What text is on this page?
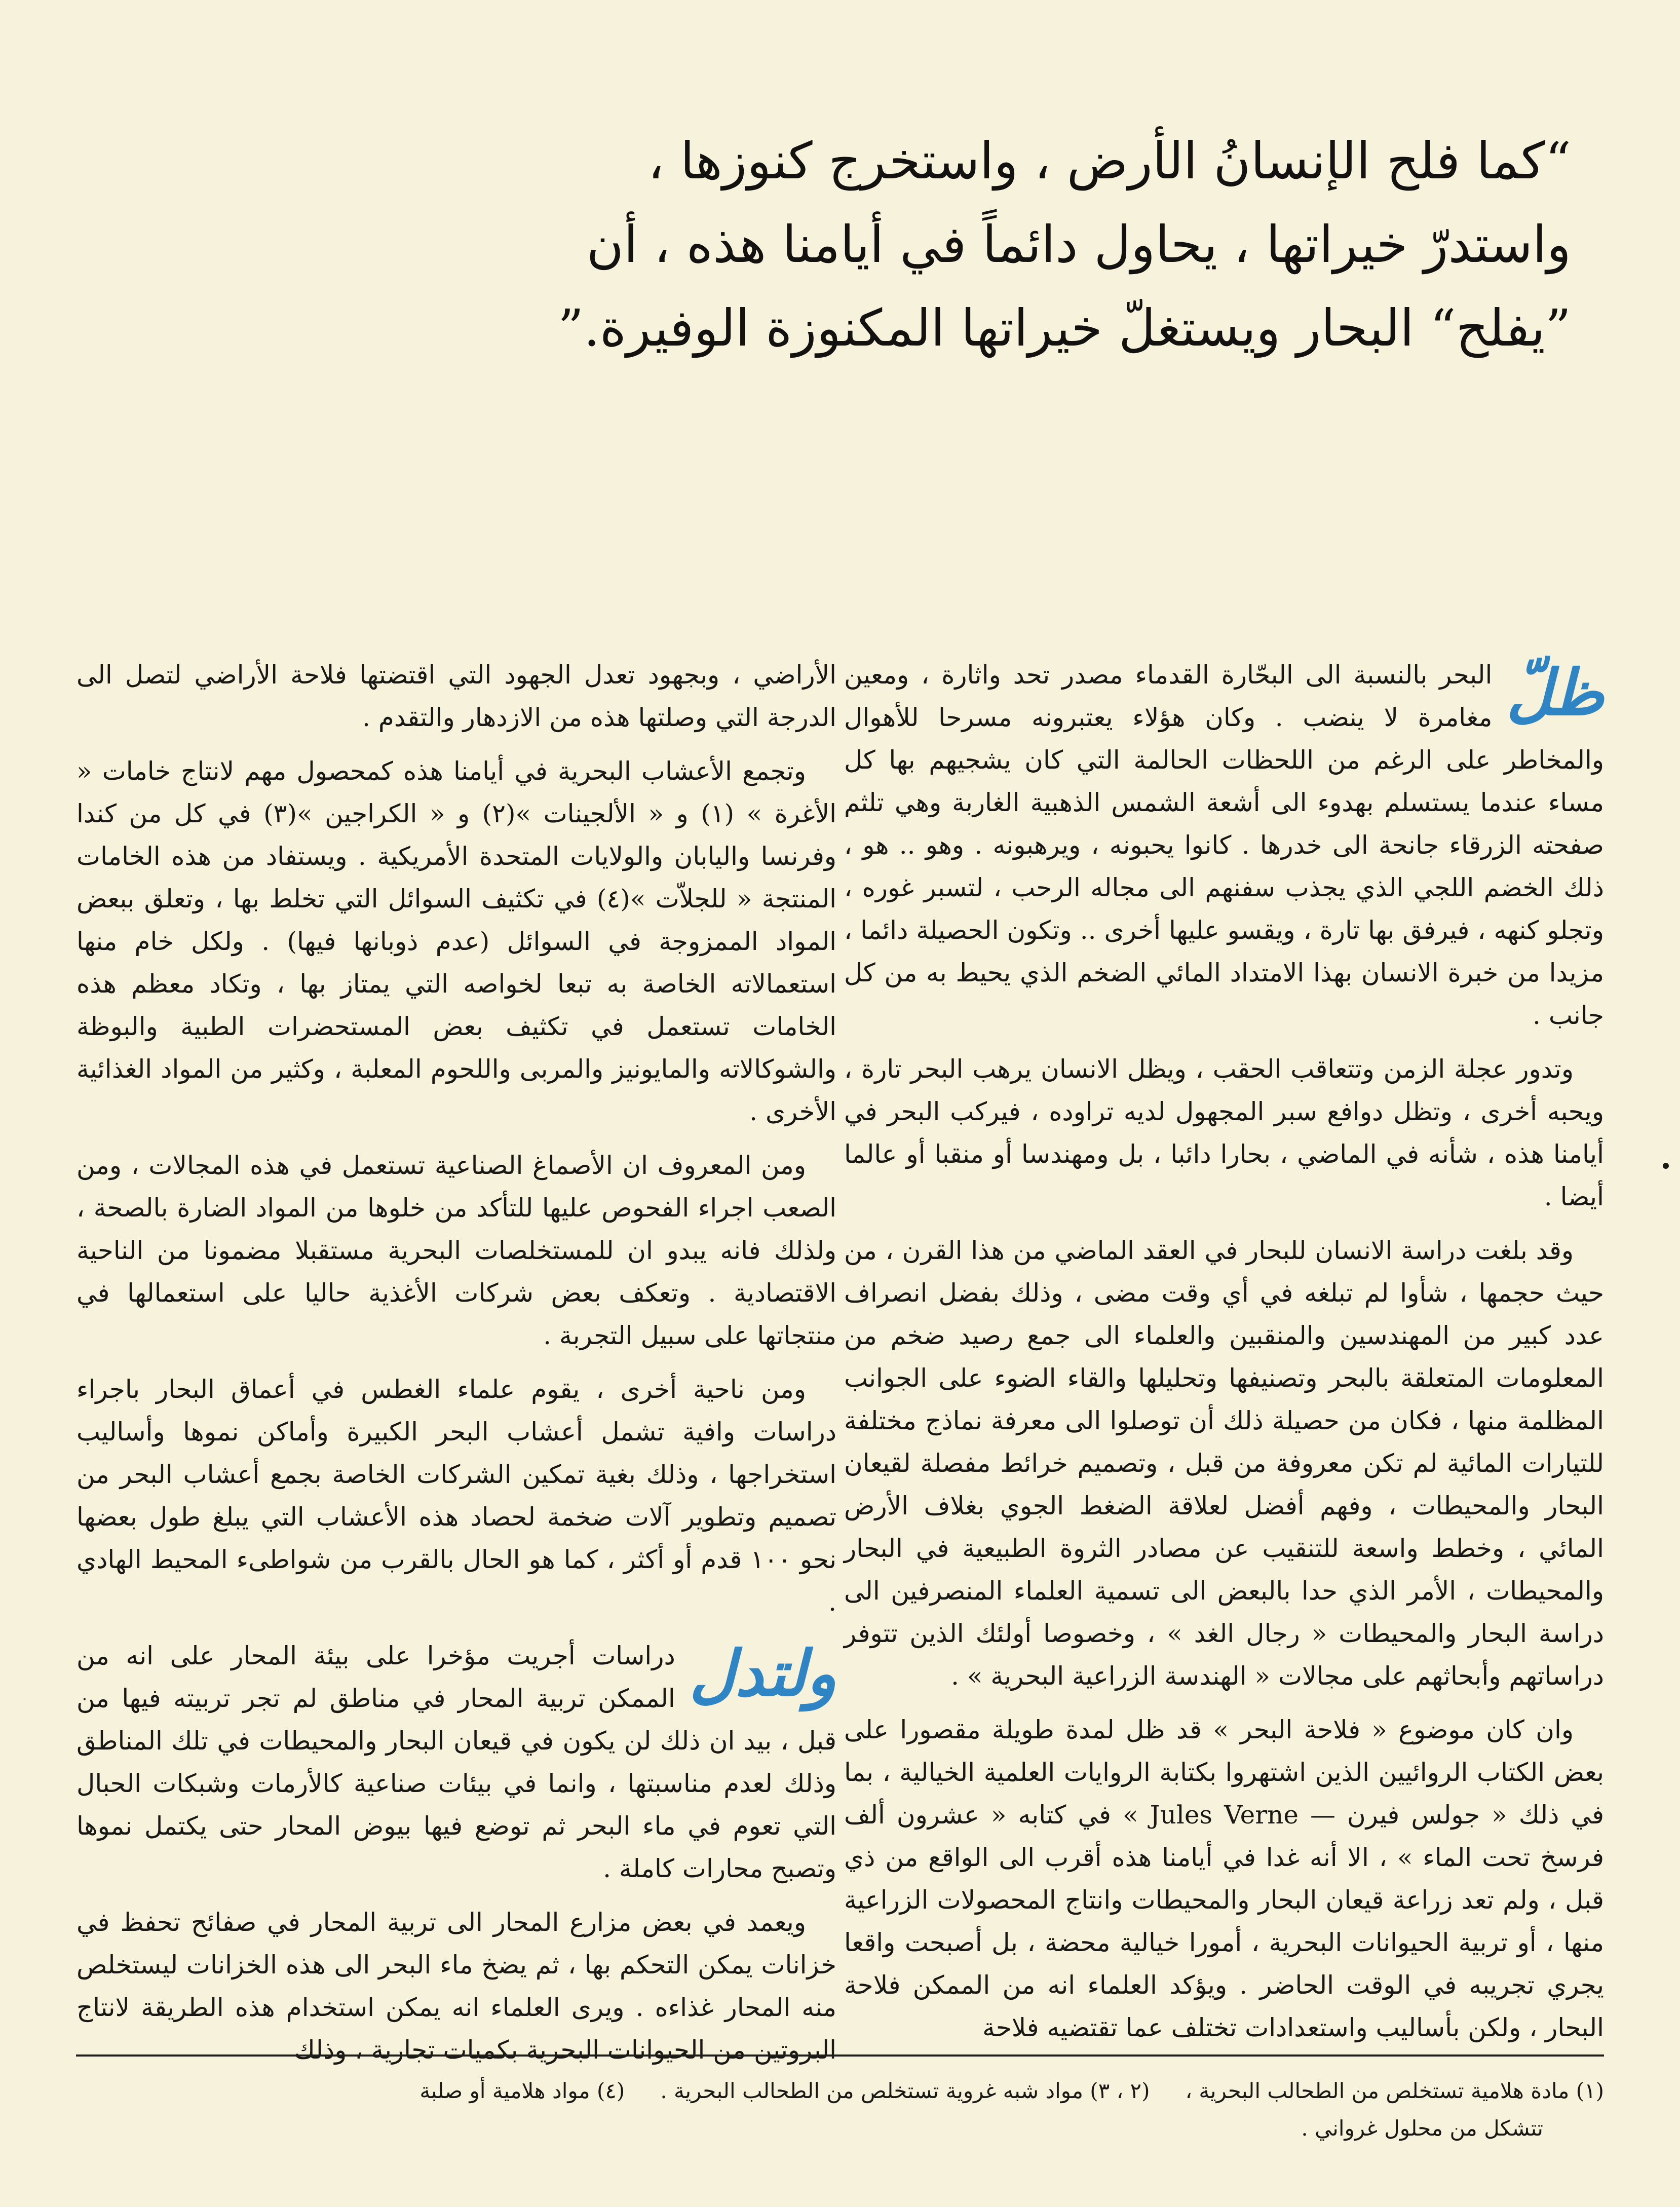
“كما فلح الإنسانُ الأرض ، واستخرج كنوزها ،
واستدرّ خيراتها ، يحاول دائماً في أيامنا هذه ، أن
”يفلح“ البحار ويستغلّ خيراتها المكنوزة الوفيرة.”

ظلّ
البحر بالنسبة الى البحّارة القدماء مصدر تحد واثارة ، ومعين مغامرة لا ينضب . وكان هؤلاء يعتبرونه مسرحا للأهوال والمخاطر على الرغم من اللحظات الحالمة التي كان يشجيهم بها كل مساء عندما يستسلم بهدوء الى أشعة الشمس الذهبية الغاربة وهي تلثم صفحته الزرقاء جانحة الى خدرها . كانوا يحبونه ، ويرهبونه . وهو .. هو ، ذلك الخضم اللجي الذي يجذب سفنهم الى مجاله الرحب ، لتسبر غوره ، وتجلو كنهه ، فيرفق بها تارة ، ويقسو عليها أخرى .. وتكون الحصيلة دائما ، مزيدا من خبرة الانسان بهذا الامتداد المائي الضخم الذي يحيط به من كل جانب .

وتدور عجلة الزمن وتتعاقب الحقب ، ويظل الانسان يرهب البحر تارة ، ويحبه أخرى ، وتظل دوافع سبر المجهول لديه تراوده ، فيركب البحر في أيامنا هذه ، شأنه في الماضي ، بحارا دائبا ، بل ومهندسا أو منقبا أو عالما أيضا .

وقد بلغت دراسة الانسان للبحار في العقد الماضي من هذا القرن ، من حيث حجمها ، شأوا لم تبلغه في أي وقت مضى ، وذلك بفضل انصراف عدد كبير من المهندسين والمنقبين والعلماء الى جمع رصيد ضخم من المعلومات المتعلقة بالبحر وتصنيفها وتحليلها والقاء الضوء على الجوانب المظلمة منها ، فكان من حصيلة ذلك أن توصلوا الى معرفة نماذج مختلفة للتيارات المائية لم تكن معروفة من قبل ، وتصميم خرائط مفصلة لقيعان البحار والمحيطات ، وفهم أفضل لعلاقة الضغط الجوي بغلاف الأرض المائي ، وخطط واسعة للتنقيب عن مصادر الثروة الطبيعية في البحار والمحيطات ، الأمر الذي حدا بالبعض الى تسمية العلماء المنصرفين الى دراسة البحار والمحيطات « رجال الغد » ، وخصوصا أولئك الذين تتوفر دراساتهم وأبحاثهم على مجالات « الهندسة الزراعية البحرية » .

وان كان موضوع « فلاحة البحر » قد ظل لمدة طويلة مقصورا على بعض الكتاب الروائيين الذين اشتهروا بكتابة الروايات العلمية الخيالية ، بما في ذلك « جولس فيرن — Jules Verne » في كتابه « عشرون ألف فرسخ تحت الماء » ، الا أنه غدا في أيامنا هذه أقرب الى الواقع من ذي قبل ، ولم تعد زراعة قيعان البحار والمحيطات وانتاج المحصولات الزراعية منها ، أو تربية الحيوانات البحرية ، أمورا خيالية محضة ، بل أصبحت واقعا يجري تجريبه في الوقت الحاضر . ويؤكد العلماء انه من الممكن فلاحة البحار ، ولكن بأساليب واستعدادات تختلف عما تقتضيه فلاحة

الأراضي ، وبجهود تعدل الجهود التي اقتضتها فلاحة الأراضي لتصل الى الدرجة التي وصلتها هذه من الازدهار والتقدم .

وتجمع الأعشاب البحرية في أيامنا هذه كمحصول مهم لانتاج خامات « الأغرة » (١) و « الألجينات »(٢) و « الكراجين »(٣) في كل من كندا وفرنسا واليابان والولايات المتحدة الأمريكية . ويستفاد من هذه الخامات المنتجة « للجلاّت »(٤) في تكثيف السوائل التي تخلط بها ، وتعلق ببعض المواد الممزوجة في السوائل (عدم ذوبانها فيها) . ولكل خام منها استعمالاته الخاصة به تبعا لخواصه التي يمتاز بها ، وتكاد معظم هذه الخامات تستعمل في تكثيف بعض المستحضرات الطبية والبوظة والشوكالاته والمايونيز والمربى واللحوم المعلبة ، وكثير من المواد الغذائية الأخرى .

ومن المعروف ان الأصماغ الصناعية تستعمل في هذه المجالات ، ومن الصعب اجراء الفحوص عليها للتأكد من خلوها من المواد الضارة بالصحة ، ولذلك فانه يبدو ان للمستخلصات البحرية مستقبلا مضمونا من الناحية الاقتصادية . وتعكف بعض شركات الأغذية حاليا على استعمالها في منتجاتها على سبيل التجربة .

ومن ناحية أخرى ، يقوم علماء الغطس في أعماق البحار باجراء دراسات وافية تشمل أعشاب البحر الكبيرة وأماكن نموها وأساليب استخراجها ، وذلك بغية تمكين الشركات الخاصة بجمع أعشاب البحر من تصميم وتطوير آلات ضخمة لحصاد هذه الأعشاب التي يبلغ طول بعضها نحو ١٠٠ قدم أو أكثر ، كما هو الحال بالقرب من شواطىء المحيط الهادي .

ولتدل
دراسات أجريت مؤخرا على بيئة المحار على انه من الممكن تربية المحار في مناطق لم تجر تربيته فيها من قبل ، بيد ان ذلك لن يكون في قيعان البحار والمحيطات في تلك المناطق وذلك لعدم مناسبتها ، وانما في بيئات صناعية كالأرمات وشبكات الحبال التي تعوم في ماء البحر ثم توضع فيها بيوض المحار حتى يكتمل نموها وتصبح محارات كاملة .

ويعمد في بعض مزارع المحار الى تربية المحار في صفائح تحفظ في خزانات يمكن التحكم بها ، ثم يضخ ماء البحر الى هذه الخزانات ليستخلص منه المحار غذاءه . ويرى العلماء انه يمكن استخدام هذه الطريقة لانتاج البروتين من الحيوانات البحرية بكميات تجارية ، وذلك

(١) مادة هلامية تستخلص من الطحالب البحرية ،
(٢ ، ٣) مواد شبه غروية تستخلص من الطحالب البحرية .
(٤) مواد هلامية أو صلبة
تتشكل من محلول غرواني .
